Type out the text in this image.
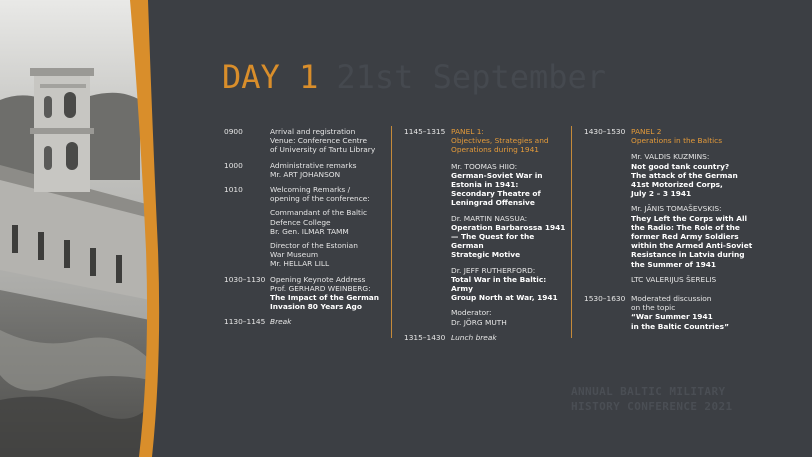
DAY 1 21st September
0900	Arrival and registration
Venue: Conference Centre
of University of Tartu Library
1000	Administrative remarks
Mr. ART JOHANSON
1010	Welcoming Remarks /
opening of the conference:
Commandant of the Baltic
Defence College
Br. Gen. ILMAR TAMM
Director of the Estonian
War Museum
Mr. HELLAR LILL
1030–1130 Opening Keynote Address
Prof. GERHARD WEINBERG:
The Impact of the German
Invasion 80 Years Ago
1130–1145 Break
1145–1315 PANEL 1:
Objectives, Strategies and
Operations during 1941
Mr. TOOMAS HIIO:
German-Soviet War in
Estonia in 1941:
Secondary Theatre of
Leningrad Offensive
Dr. MARTIN NASSUA:
Operation Barbarossa 1941
— The Quest for the German
Strategic Motive
Dr. JEFF RUTHERFORD:
Total War in the Baltic: Army
Group North at War, 1941
Moderator:
Dr. JÖRG MUTH
1315–1430 Lunch break
1430–1530 PANEL 2
Operations in the Baltics
Mr. VALDIS KUZMINS:
Not good tank country?
The attack of the German
41st Motorized Corps,
July 2 – 3 1941
Mr. JĀNIS TOMAŠEVSKIS:
They Left the Corps with All
the Radio: The Role of the
former Red Army Soldiers
within the Armed Anti-Soviet
Resistance in Latvia during
the Summer of 1941
LTC VALERIJUS ŠERELIS
1530–1630 Moderated discussion
on the topic
“War Summer 1941
in the Baltic Countries”
ANNUAL BALTIC MILITARY
HISTORY CONFERENCE 2021
